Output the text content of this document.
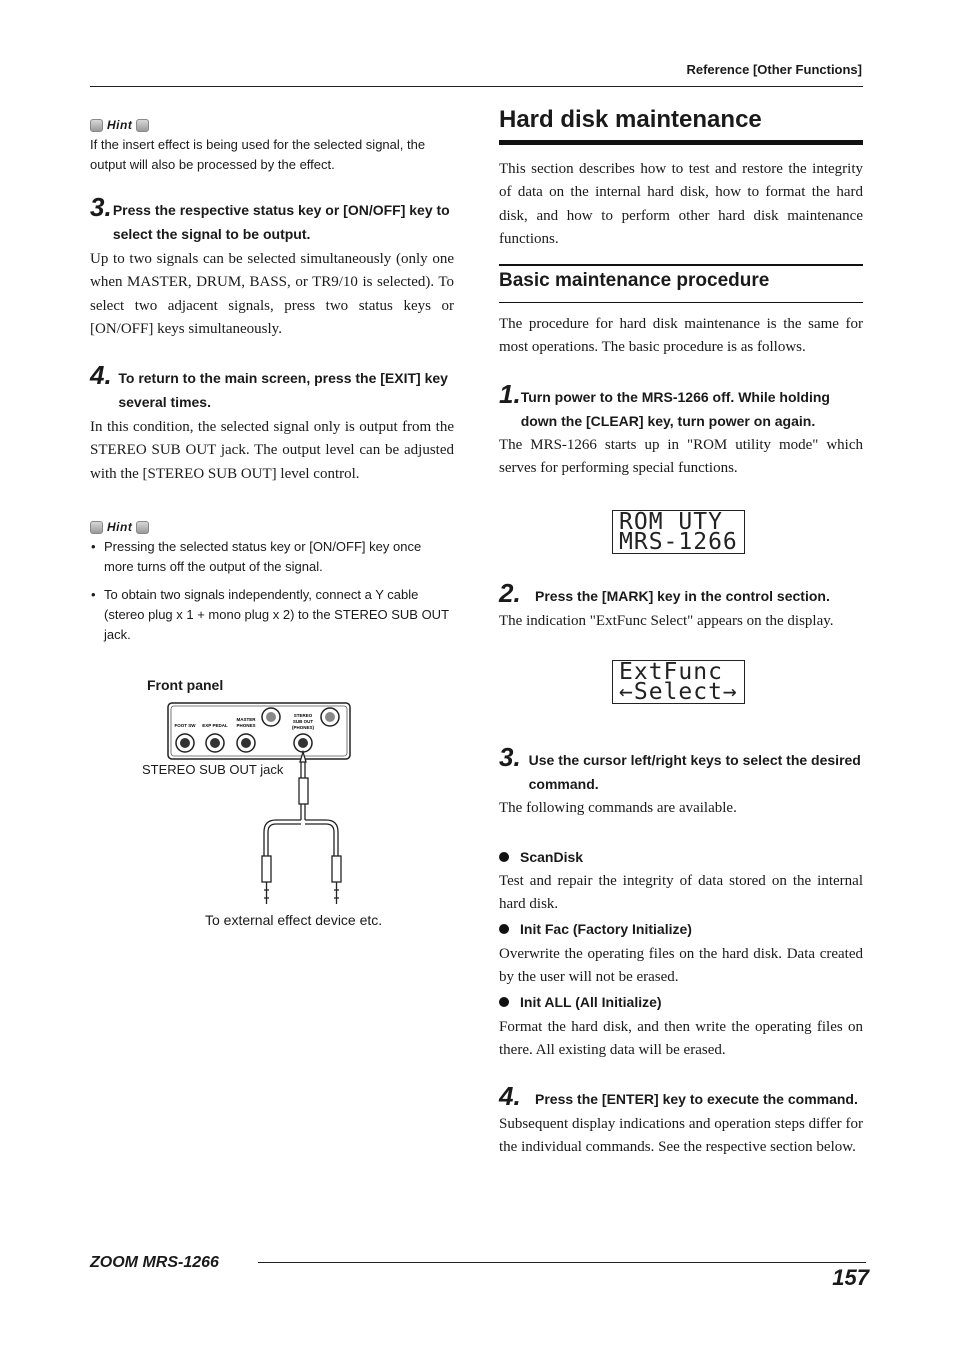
Reference [Other Functions]
Hint
If the insert effect is being used for the selected signal, the output will also be processed by the effect.
3. Press the respective status key or [ON/OFF] key to select the signal to be output.
Up to two signals can be selected simultaneously (only one when MASTER, DRUM, BASS, or TR9/10 is selected). To select two adjacent signals, press two status keys or [ON/OFF] keys simultaneously.
4. To return to the main screen, press the [EXIT] key several times.
In this condition, the selected signal only is output from the STEREO SUB OUT jack. The output level can be adjusted with the [STEREO SUB OUT] level control.
Hint
• Pressing the selected status key or [ON/OFF] key once more turns off the output of the signal.
• To obtain two signals independently, connect a Y cable (stereo plug x 1 + mono plug x 2) to the STEREO SUB OUT jack.
Front panel
FOOT SW EXP PEDAL
MASTER
PHONES
STEREO
SUB OUT
(PHONES)
STEREO SUB OUT jack
To external effect device etc.
Hard disk maintenance
This section describes how to test and restore the integrity of data on the internal hard disk, how to format the hard disk, and how to perform other hard disk maintenance functions.
Basic maintenance procedure
The procedure for hard disk maintenance is the same for most operations. The basic procedure is as follows.
1. Turn power to the MRS-1266 off. While holding down the [CLEAR] key, turn power on again.
The MRS-1266 starts up in "ROM utility mode" which serves for performing special functions.
ROM UTY
MRS-1266
2.	Press the [MARK] key in the control section.
The indication "ExtFunc Select" appears on the display.
ExtFunc
←Select→
3. Use the cursor left/right keys to select the desired command.
The following commands are available.
ScanDisk
Test and repair the integrity of data stored on the internal hard disk.
Init Fac (Factory Initialize)
Overwrite the operating files on the hard disk. Data created by the user will not be erased.
Init ALL (All Initialize)
Format the hard disk, and then write the operating files on there. All existing data will be erased.
4.	Press the [ENTER] key to execute the command.
Subsequent display indications and operation steps differ for the individual commands. See the respective section below.
ZOOM MRS-1266
157
